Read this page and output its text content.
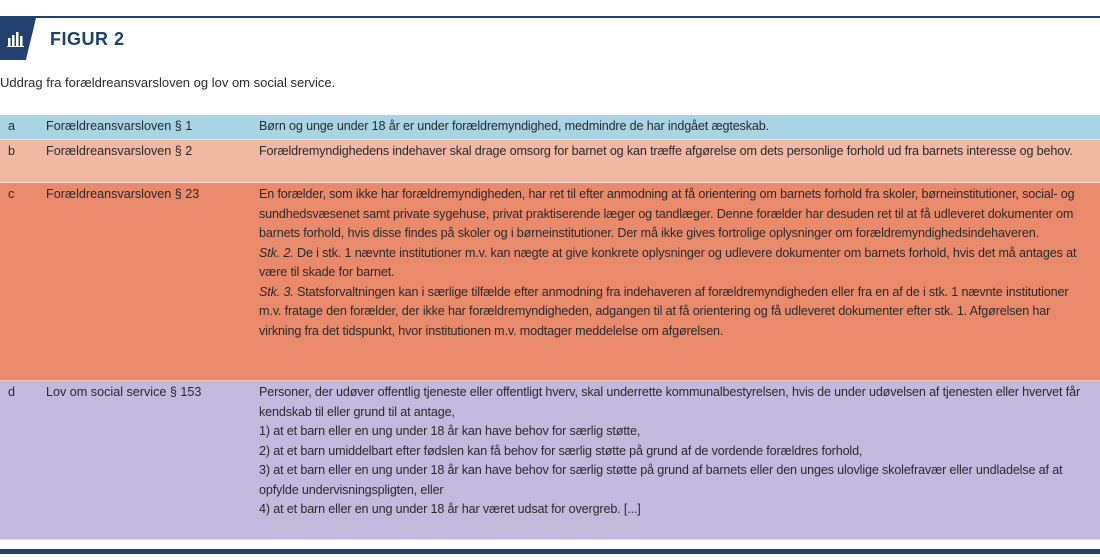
FIGUR 2
Uddrag fra forældreansvarsloven og lov om social service.
a	Forældreansvarsloven § 1	Børn og unge under 18 år er under forældremyndighed, medmindre de har indgået ægteskab.

b	Forældreansvarsloven § 2	Forældremyndighedens indehaver skal drage omsorg for barnet og kan træffe afgørelse om dets personlige forhold ud fra barnets interesse og behov.

c	Forældreansvarsloven § 23	En forælder, som ikke har forældremyndigheden, har ret til efter anmodning at få orientering om barnets forhold fra skoler, børneinstitutioner, social- og sundhedsvæsenet samt private sygehuse, privat praktiserende læger og tandlæger. Denne forælder har desuden ret til at få udleveret dokumenter om barnets forhold, hvis disse findes på skoler og i børneinstitutioner. Der må ikke gives fortrolige oplysninger om forældremyndighedsindehaveren.

Stk. 2. De i stk. 1 nævnte institutioner m.v. kan nægte at give konkrete oplysninger og udlevere dokumenter om barnets forhold, hvis det må antages at være til skade for barnet.

Stk. 3. Statsforvaltningen kan i særlige tilfælde efter anmodning fra indehaveren af forældremyndigheden eller fra en af de i stk. 1 nævnte institutioner m.v. fratage den forælder, der ikke har forældremyndigheden, adgangen til at få orientering og få udleveret dokumenter efter stk. 1. Afgørelsen har virkning fra det tidspunkt, hvor institutionen m.v. modtager meddelelse om afgørelsen.

d	Lov om social service § 153	Personer, der udøver offentlig tjeneste eller offentligt hverv, skal underrette kommunalbestyrelsen, hvis de under udøvelsen af tjenesten eller hvervet får kendskab til eller grund til at antage,

1) at et barn eller en ung under 18 år kan have behov for særlig støtte,

2) at et barn umiddelbart efter fødslen kan få behov for særlig støtte på grund af de vordende forældres forhold,

3) at et barn eller en ung under 18 år kan have behov for særlig støtte på grund af barnets eller den unges ulovlige skolefravær eller undladelse af at opfylde undervisningspligten, eller

4) at et barn eller en ung under 18 år har været udsat for overgreb. [...]
